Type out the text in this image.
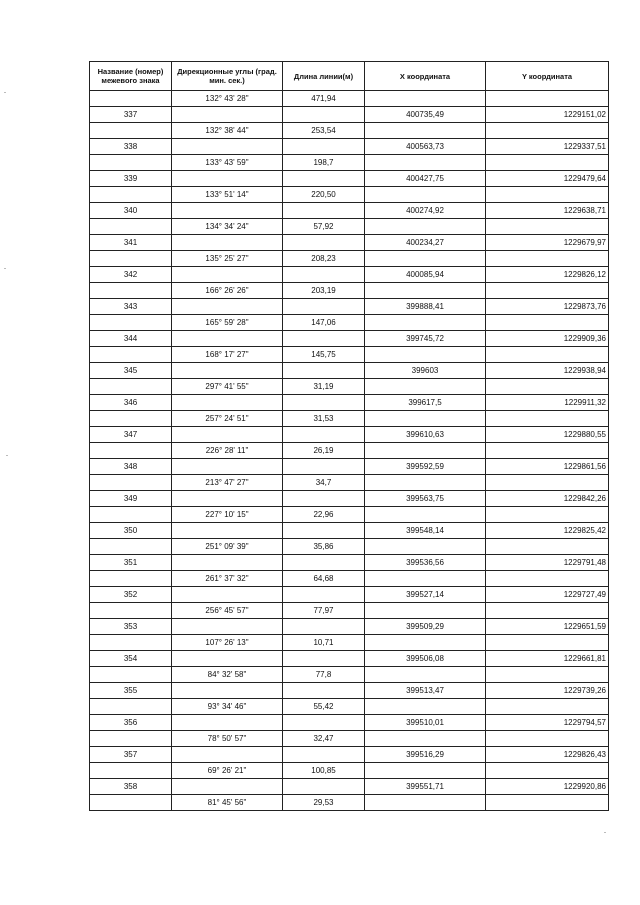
Название (номер) межевого знака	Дирекционные углы (град. мин. сек.)	Длина линии(м)	X координата	Y координата
	132° 43' 28"	471,94		
337			400735,49	1229151,02
	132° 38' 44"	253,54		
338			400563,73	1229337,51
	133° 43' 59"	198,7		
339			400427,75	1229479,64
	133° 51' 14"	220,50		
340			400274,92	1229638,71
	134° 34' 24"	57,92		
341			400234,27	1229679,97
	135° 25' 27"	208,23		
342			400085,94	1229826,12
	166° 26' 26"	203,19		
343			399888,41	1229873,76
	165° 59' 28"	147,06		
344			399745,72	1229909,36
	168° 17' 27"	145,75		
345			399603	1229938,94
	297° 41' 55"	31,19		
346			399617,5	1229911,32
	257° 24' 51"	31,53		
347			399610,63	1229880,55
	226° 28' 11"	26,19		
348			399592,59	1229861,56
	213° 47' 27"	34,7		
349			399563,75	1229842,26
	227° 10' 15"	22,96		
350			399548,14	1229825,42
	251° 09' 39"	35,86		
351			399536,56	1229791,48
	261° 37' 32"	64,68		
352			399527,14	1229727,49
	256° 45' 57"	77,97		
353			399509,29	1229651,59
	107° 26' 13"	10,71		
354			399506,08	1229661,81
	84° 32' 58"	77,8		
355			399513,47	1229739,26
	93° 34' 46"	55,42		
356			399510,01	1229794,57
	78° 50' 57"	32,47		
357			399516,29	1229826,43
	69° 26' 21"	100,85		
358			399551,71	1229920,86
	81° 45' 56"	29,53		
